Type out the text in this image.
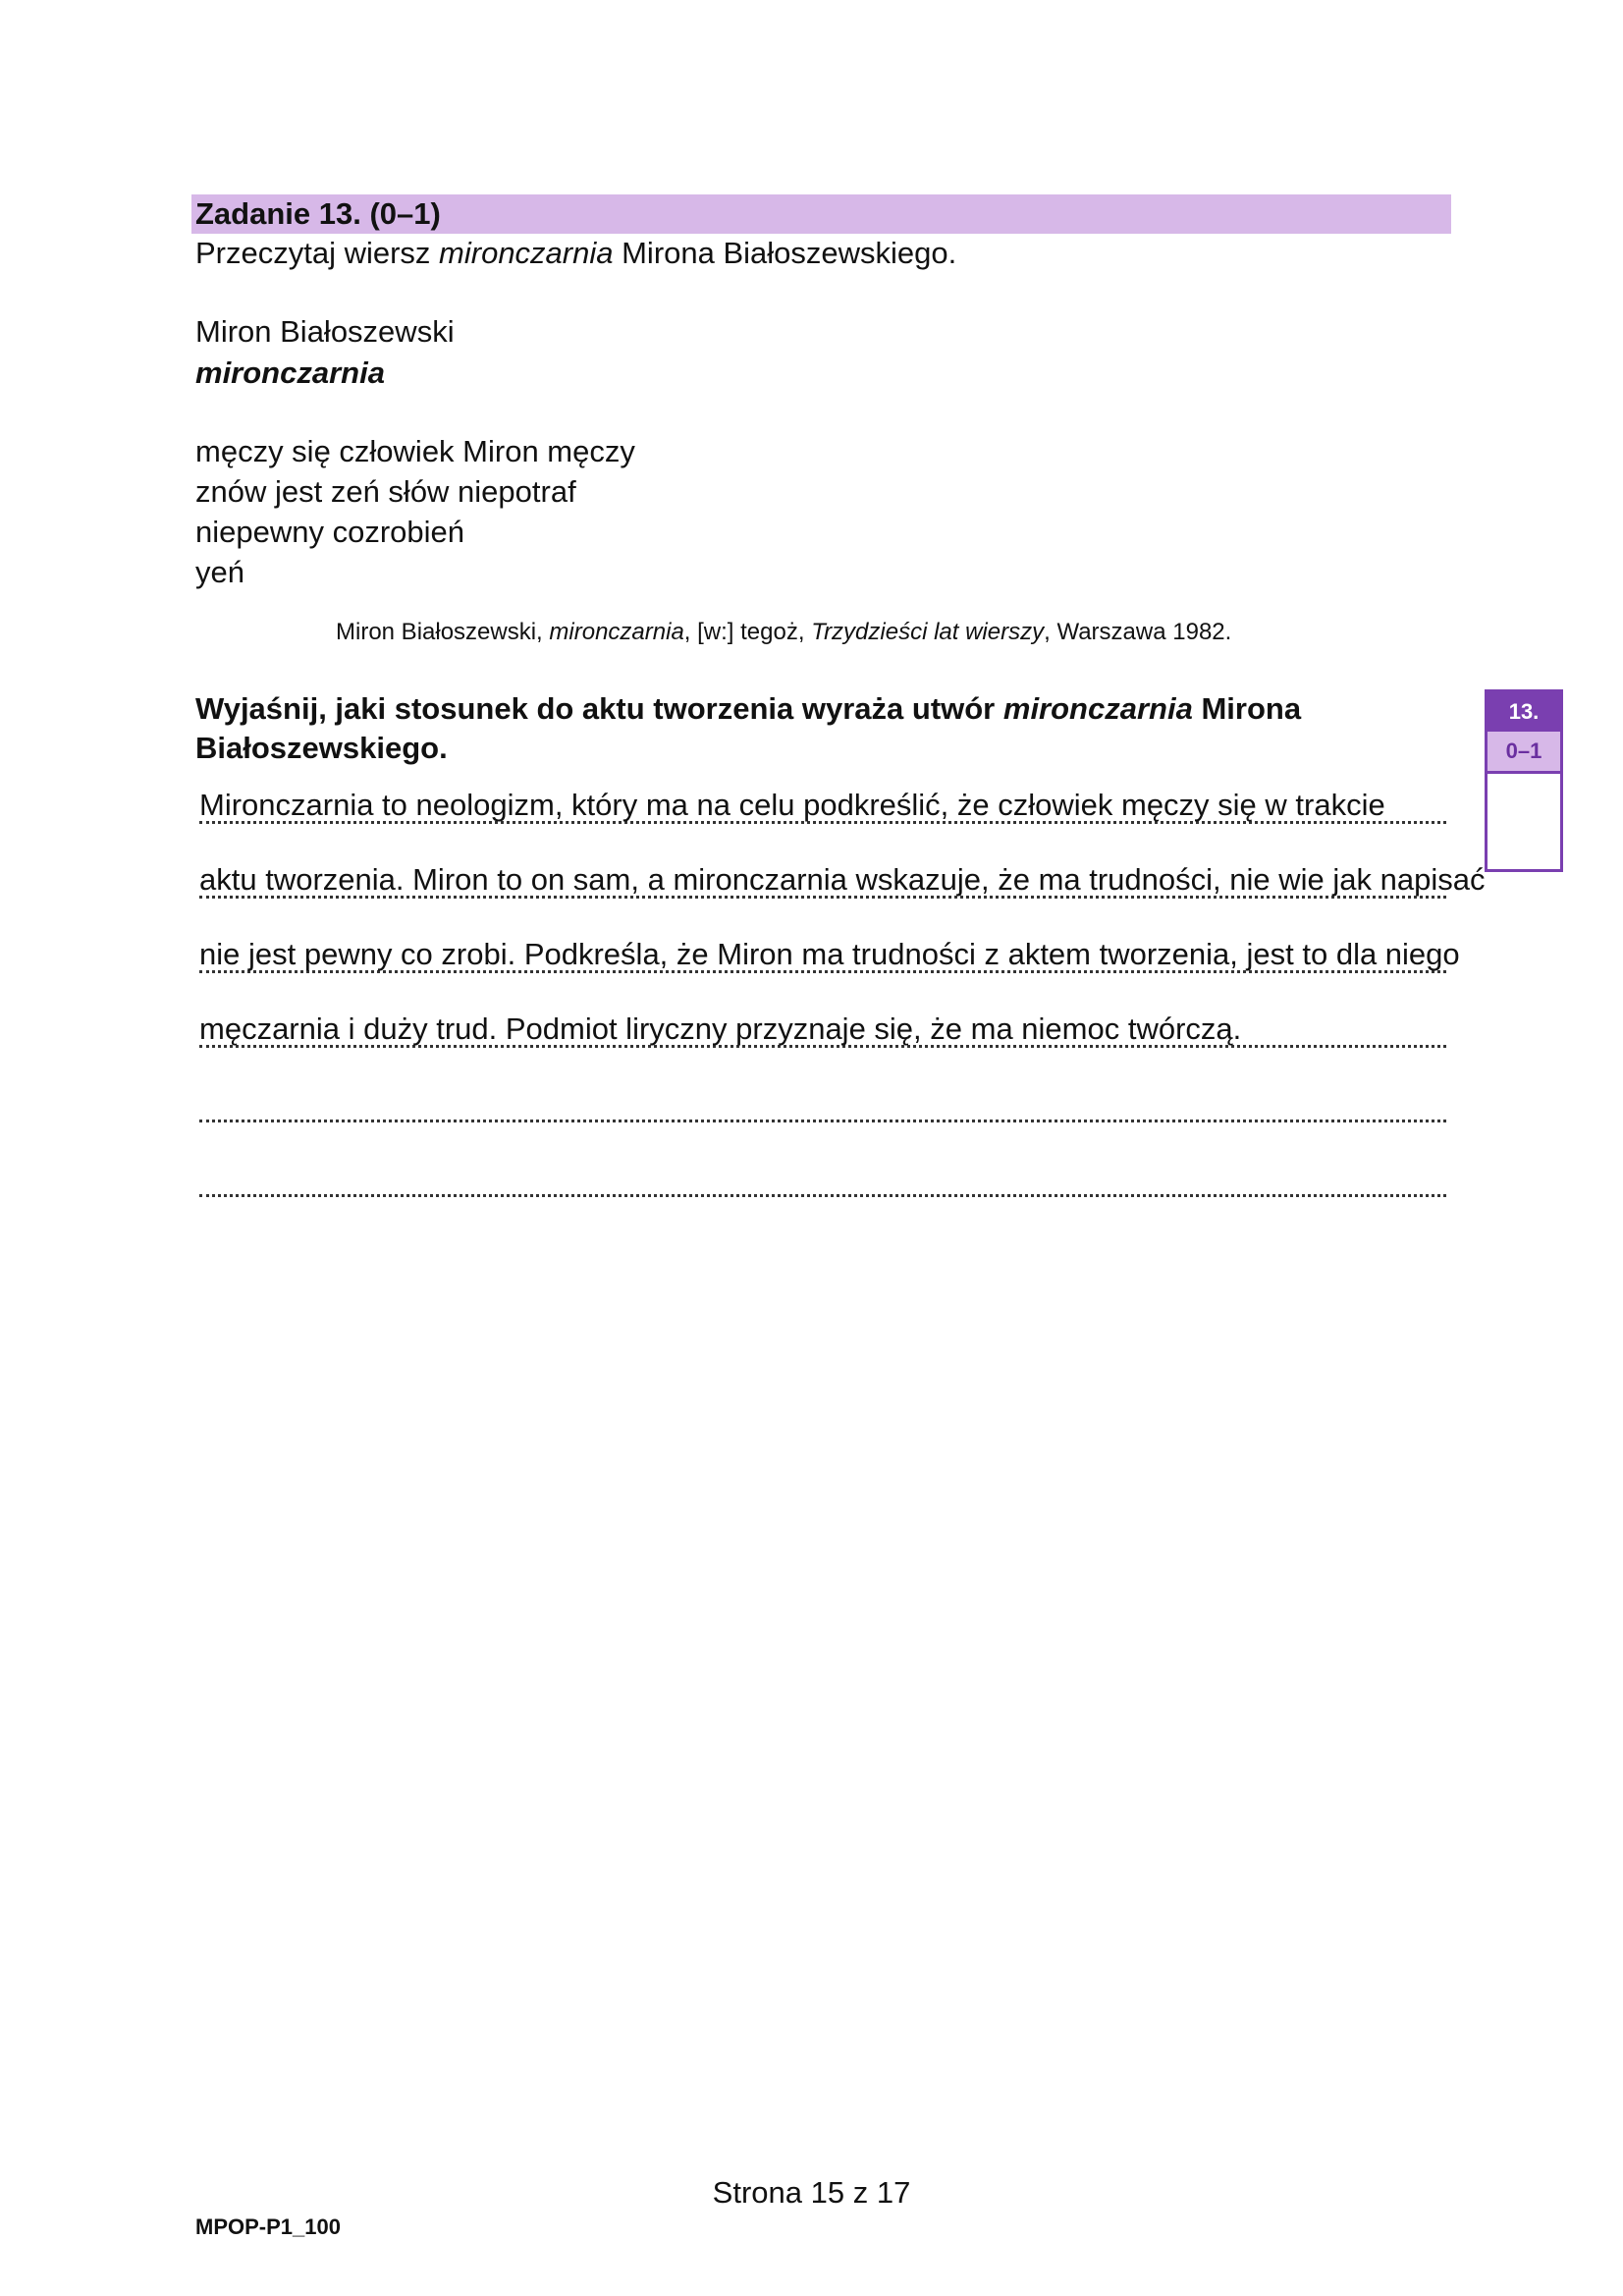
Zadanie 13. (0–1)
Przeczytaj wiersz mironczarnia Mirona Białoszewskiego.
Miron Białoszewski
mironczarnia
męczy się człowiek Miron męczy
znów jest zeń słów niepotraf
niepewny cozrobień
yeń
Miron Białoszewski, mironczarnia, [w:] tegoż, Trzydzieści lat wierszy, Warszawa 1982.
Wyjaśnij, jaki stosunek do aktu tworzenia wyraża utwór mironczarnia Mirona Białoszewskiego.
13.
0–1
Mironczarnia to neologizm, który ma na celu podkreślić, że człowiek męczy się w trakcie
aktu tworzenia. Miron to on sam, a mironczarnia wskazuje, że ma trudności, nie wie jak napisać
nie jest pewny co zrobi. Podkreśla, że Miron ma trudności z aktem tworzenia, jest to dla niego
męczarnia i duży trud. Podmiot liryczny przyznaje się, że ma niemoc twórczą.
Strona 15 z 17
MPOP-P1_100
